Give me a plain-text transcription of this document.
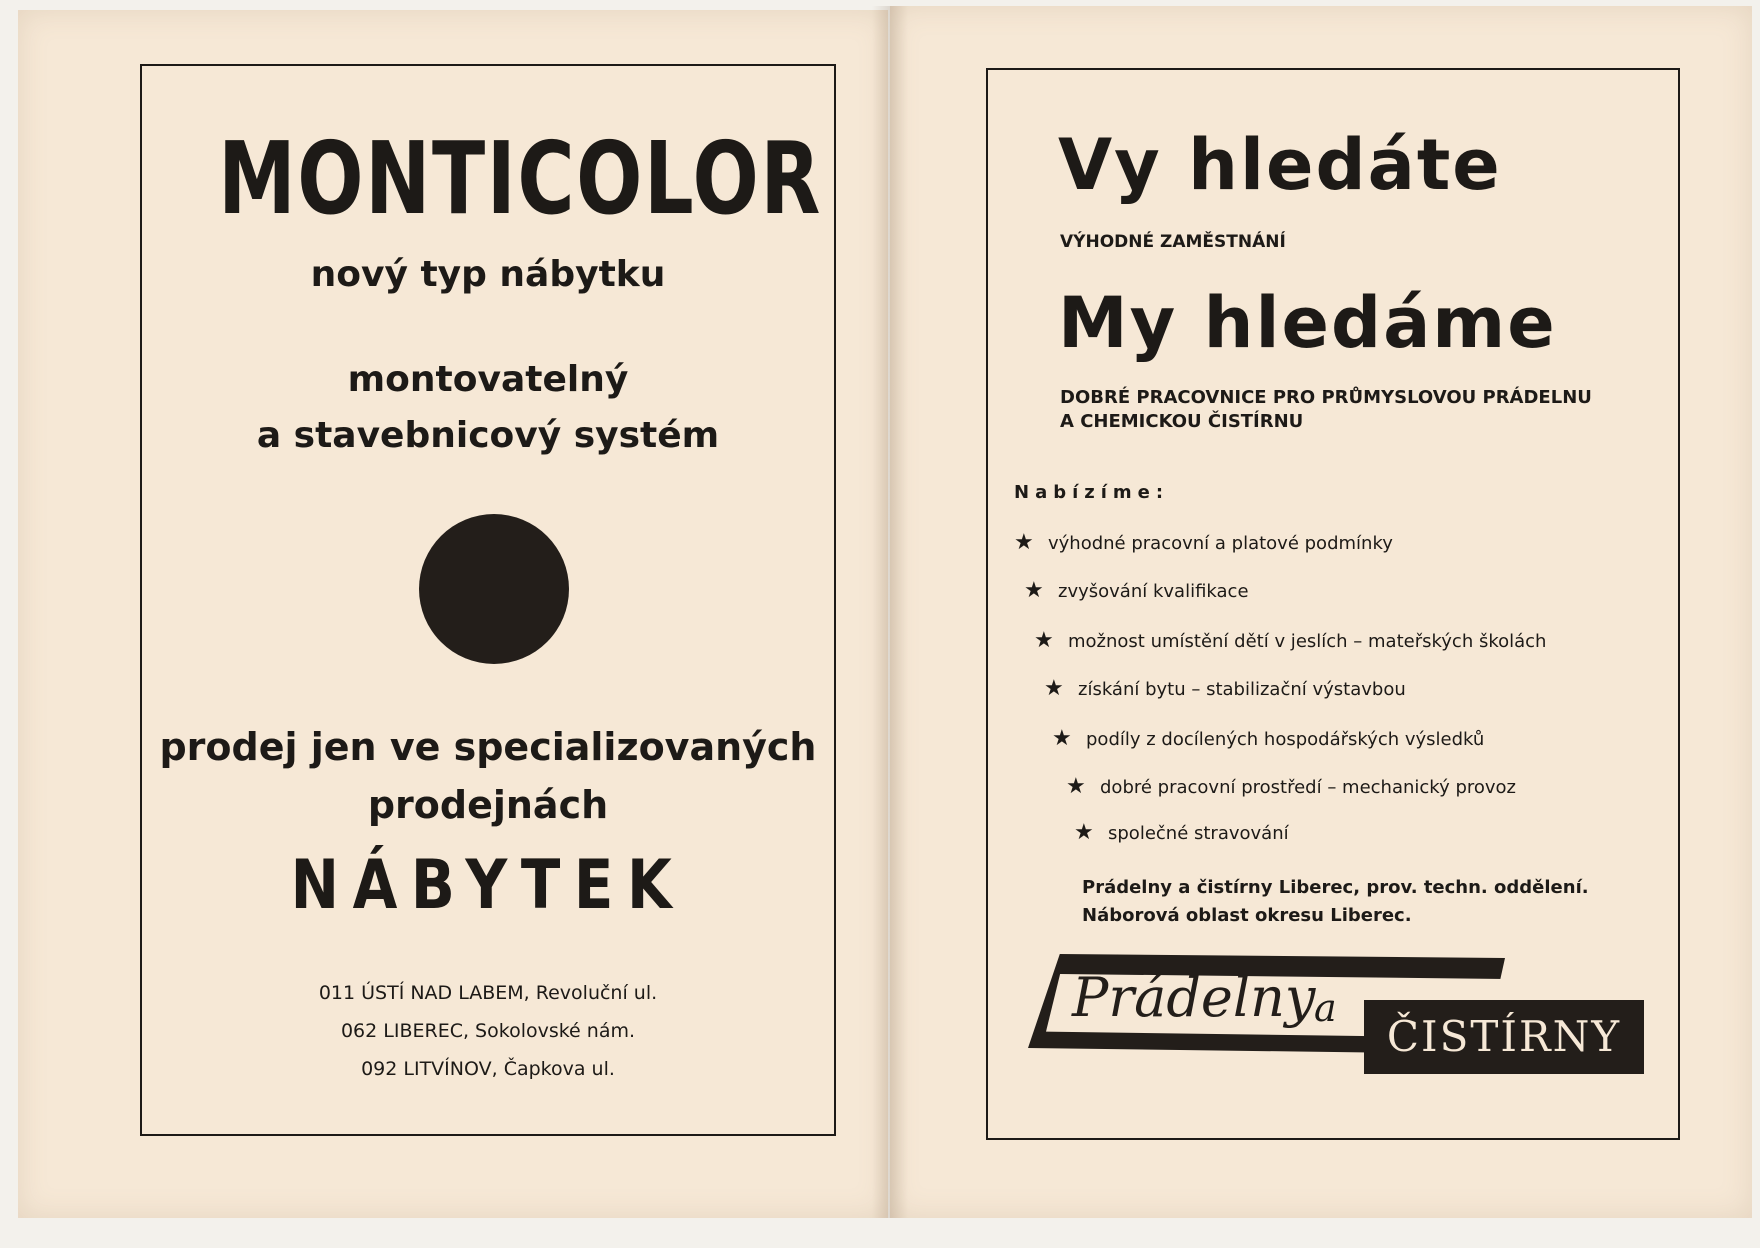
MONTICOLOR
nový typ nábytku
montovatelný
a stavebnicový systém
prodej jen ve specializovaných
prodejnách
NÁBYTEK
011 ÚSTÍ NAD LABEM, Revoluční ul.
062 LIBEREC, Sokolovské nám.
092 LITVÍNOV, Čapkova ul.
Vy hledáte
VÝHODNÉ ZAMĚSTNÁNÍ
My hledáme
DOBRÉ PRACOVNICE PRO PRŮMYSLOVOU PRÁDELNU
A CHEMICKOU ČISTÍRNU
Nabízíme:
★ výhodné pracovní a platové podmínky
★ zvyšování kvalifikace
★ možnost umístění dětí v jeslích – mateřských školách
★ získání bytu – stabilizační výstavbou
★ podíly z docílených hospodářských výsledků
★ dobré pracovní prostředí – mechanický provoz
★ společné stravování
Prádelny a čistírny Liberec, prov. techn. oddělení.
Náborová oblast okresu Liberec.
Prádelny
a
ČISTÍRNY
